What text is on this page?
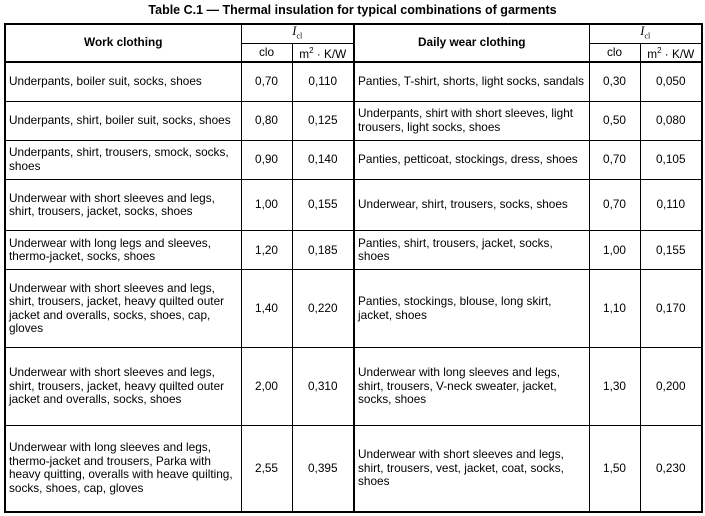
Table C.1 — Thermal insulation for typical combinations of garments
Work clothing	$I_{cl}$		Daily wear clothing	$I_{cl}$
	clo	$m^2 \cdot K/W$		clo	$m^2 \cdot K/W$
Underpants, boiler suit, socks, shoes	0,70	0,110	Panties, T-shirt, shorts, light socks, sandals	0,30	0,050
Underpants, shirt, boiler suit, socks, shoes	0,80	0,125	Underpants, shirt with short sleeves, light trousers, light socks, shoes	0,50	0,080
Underpants, shirt, trousers, smock, socks, shoes	0,90	0,140	Panties, petticoat, stockings, dress, shoes	0,70	0,105
Underwear with short sleeves and legs, shirt, trousers, jacket, socks, shoes	1,00	0,155	Underwear, shirt, trousers, socks, shoes	0,70	0,110
Underwear with long legs and sleeves, thermo-jacket, socks, shoes	1,20	0,185	Panties, shirt, trousers, jacket, socks, shoes	1,00	0,155
Underwear with short sleeves and legs, shirt, trousers, jacket, heavy quilted outer jacket and overalls, socks, shoes, cap, gloves	1,40	0,220	Panties, stockings, blouse, long skirt, jacket, shoes	1,10	0,170
Underwear with short sleeves and legs, shirt, trousers, jacket, heavy quilted outer jacket and overalls, socks, shoes	2,00	0,310	Underwear with long sleeves and legs, shirt, trousers, V-neck sweater, jacket, socks, shoes	1,30	0,200
Underwear with long sleeves and legs, thermo-jacket and trousers, Parka with heavy quitting, overalls with heave quilting, socks, shoes, cap, gloves	2,55	0,395	Underwear with short sleeves and legs, shirt, trousers, vest, jacket, coat, socks, shoes	1,50	0,230
